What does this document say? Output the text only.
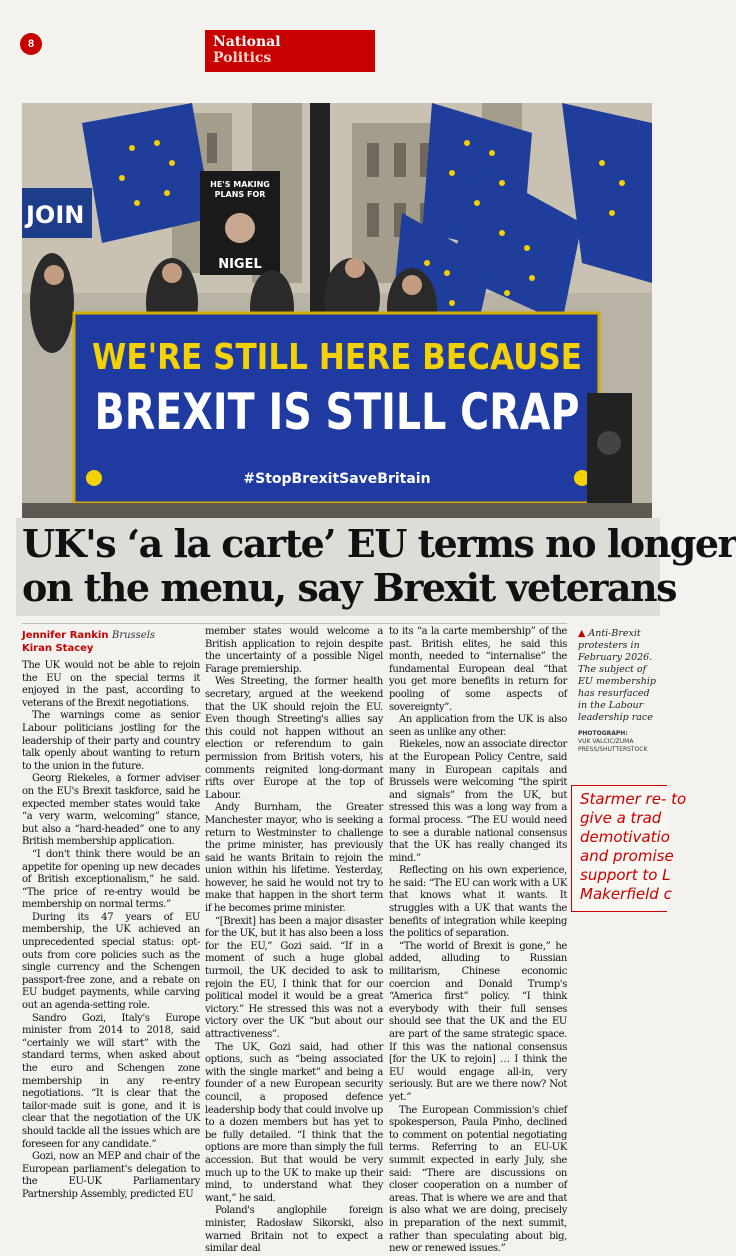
8	National
Politics
JOIN
HE'S MAKING
PLANS FOR
NIGEL
WE'RE STILL HERE BECAUSE
BREXIT IS STILL CRAP
#StopBrexitSaveBritain
UK's ‘a la carte’ EU terms no longer
on the menu, say Brexit veterans
Jennifer Rankin Brussels
Kiran Stacey

The UK would not be able to rejoin the EU on the special terms it enjoyed in the past, according to veterans of the Brexit negotiations.

The warnings come as senior Labour politicians jostling for the leadership of their party and country talk openly about wanting to return to the union in the future.

Georg Riekeles, a former adviser on the EU's Brexit taskforce, said he expected member states would take “a very warm, welcoming” stance, but also a “hard-headed” one to any British membership application.

“I don't think there would be an appetite for opening up new decades of British exceptionalism,” he said. “The price of re-entry would be membership on normal terms.”

During its 47 years of EU membership, the UK achieved an unprecedented special status: opt-outs from core policies such as the single currency and the Schengen passport-free zone, and a rebate on EU budget payments, while carving out an agenda-setting role.

Sandro Gozi, Italy's Europe minister from 2014 to 2018, said “certainly we will start” with the standard terms, when asked about the euro and Schengen zone membership in any re-entry negotiations. “It is clear that the tailor-made suit is gone, and it is clear that the negotiation of the UK should tackle all the issues which are foreseen for any candidate.”

Gozi, now an MEP and chair of the European parliament's delegation to the EU-UK Parliamentary Partnership Assembly, predicted EU

member states would welcome a British application to rejoin despite the uncertainty of a possible Nigel Farage premiership.

Wes Streeting, the former health secretary, argued at the weekend that the UK should rejoin the EU. Even though Streeting's allies say this could not happen without an election or referendum to gain permission from British voters, his comments reignited long-dormant rifts over Europe at the top of Labour.

Andy Burnham, the Greater Manchester mayor, who is seeking a return to Westminster to challenge the prime minister, has previously said he wants Britain to rejoin the union within his lifetime. Yesterday, however, he said he would not try to make that happen in the short term if he becomes prime minister.

“[Brexit] has been a major disaster for the UK, but it has also been a loss for the EU,” Gozi said. “If in a moment of such a huge global turmoil, the UK decided to ask to rejoin the EU, I think that for our political model it would be a great victory.” He stressed this was not a victory over the UK “but about our attractiveness”.

The UK, Gozi said, had other options, such as “being associated with the single market” and being a founder of a new European security council, a proposed defence leadership body that could involve up to a dozen members but has yet to be fully detailed. “I think that the options are more than simply the full accession. But that would be very much up to the UK to make up their mind, to understand what they want,” he said.

Poland's anglophile foreign minister, Radosław Sikorski, also warned Britain not to expect a similar deal

to its “a la carte membership” of the past. British elites, he said this month, needed to “internalise” the fundamental European deal “that you get more benefits in return for pooling of some aspects of sovereignty”.

An application from the UK is also seen as unlike any other.

Riekeles, now an associate director at the European Policy Centre, said many in European capitals and Brussels were welcoming “the spirit and signals” from the UK, but stressed this was a long way from a formal process. “The EU would need to see a durable national consensus that the UK has really changed its mind.”

Reflecting on his own experience, he said: “The EU can work with a UK that knows what it wants. It struggles with a UK that wants the benefits of integration while keeping the politics of separation.

“The world of Brexit is gone,” he added, alluding to Russian militarism, Chinese economic coercion and Donald Trump's “America first” policy. “I think everybody with their full senses should see that the UK and the EU are part of the same strategic space. If this was the national consensus [for the UK to rejoin] … I think the EU would engage all-in, very seriously. But are we there now? Not yet.”

The European Commission's chief spokesperson, Paula Pinho, declined to comment on potential negotiating terms. Referring to an EU-UK summit expected in early July, she said: “There are discussions on closer cooperation on a number of areas. That is where we are and that is also what we are doing, precisely in preparation of the next summit, rather than speculating about big, new or renewed issues.”

▲ Anti-Brexit protesters in February 2026. The subject of EU membership has resurfaced in the Labour leadership race
PHOTOGRAPH:
VUK VALCIC/ZUMA PRESS/SHUTTERSTOCK
Starmer re- to give a trad demotivatio and promise support to L Makerfield c
